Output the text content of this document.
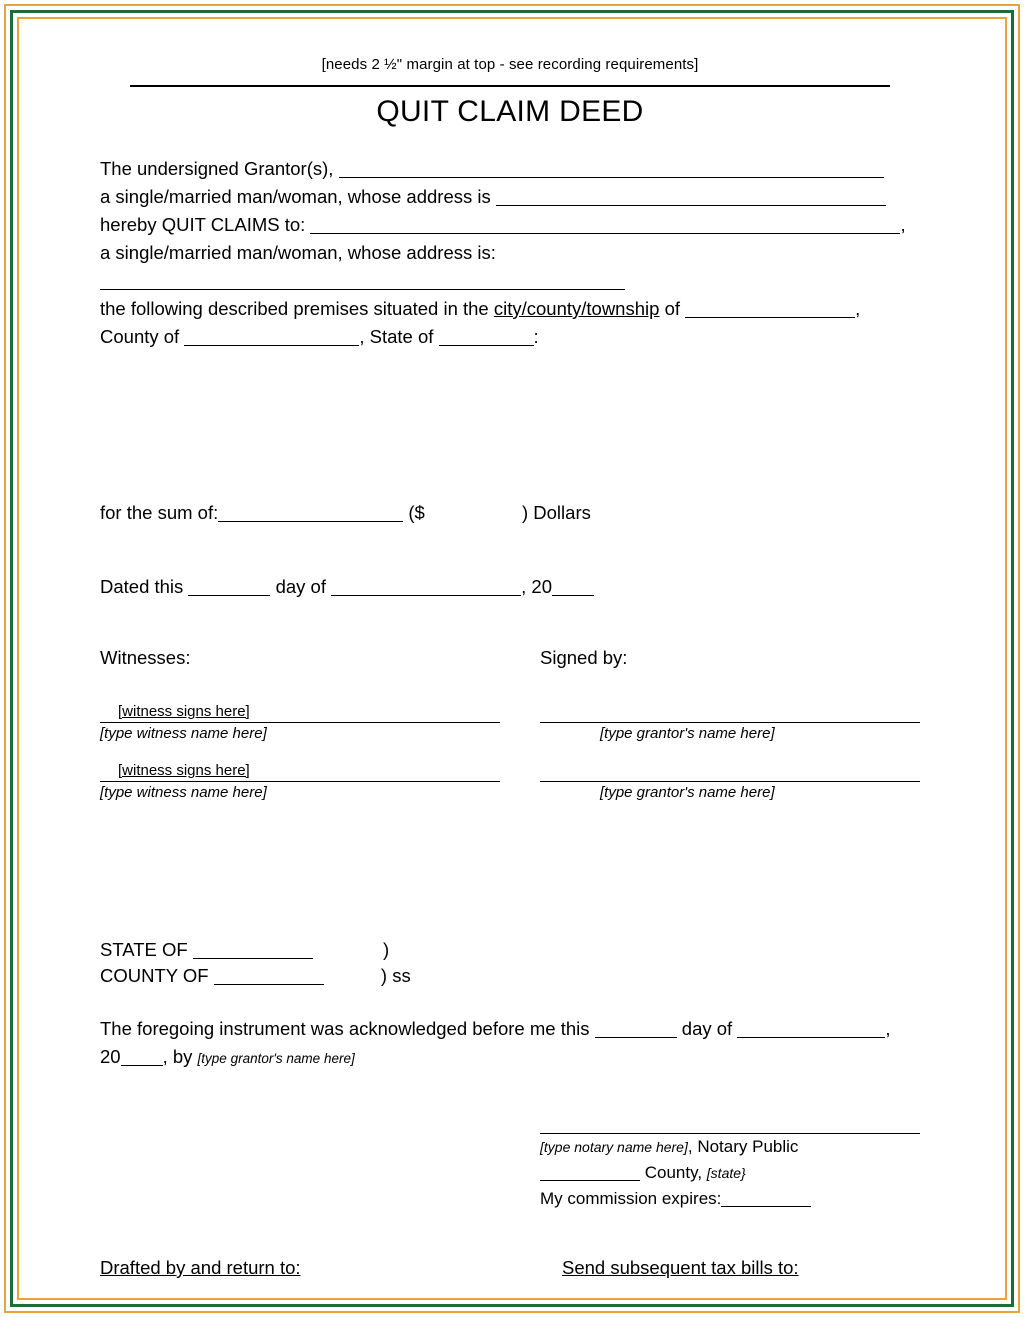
[needs 2 ½" margin at top - see recording requirements]
QUIT CLAIM DEED
The undersigned Grantor(s),
a single/married man/woman, whose address is
hereby QUIT CLAIMS to:	,
a single/married man/woman, whose address is:
the following described premises situated in the city/county/township of	,
County of	, State of	:
for the sum of:	($	) Dollars
Dated this	day of	, 20
Witnesses:
[witness signs here]
[type witness name here]
[witness signs here]
[type witness name here]
Signed by:
[type grantor's name here]
[type grantor's name here]
STATE OF	)
COUNTY OF	) ss
The foregoing instrument was acknowledged before me this	day of	,
20 , by [type grantor's name here]
[type notary name here], Notary Public
County, [state}
My commission expires:
Drafted by and return to:	Send subsequent tax bills to:
